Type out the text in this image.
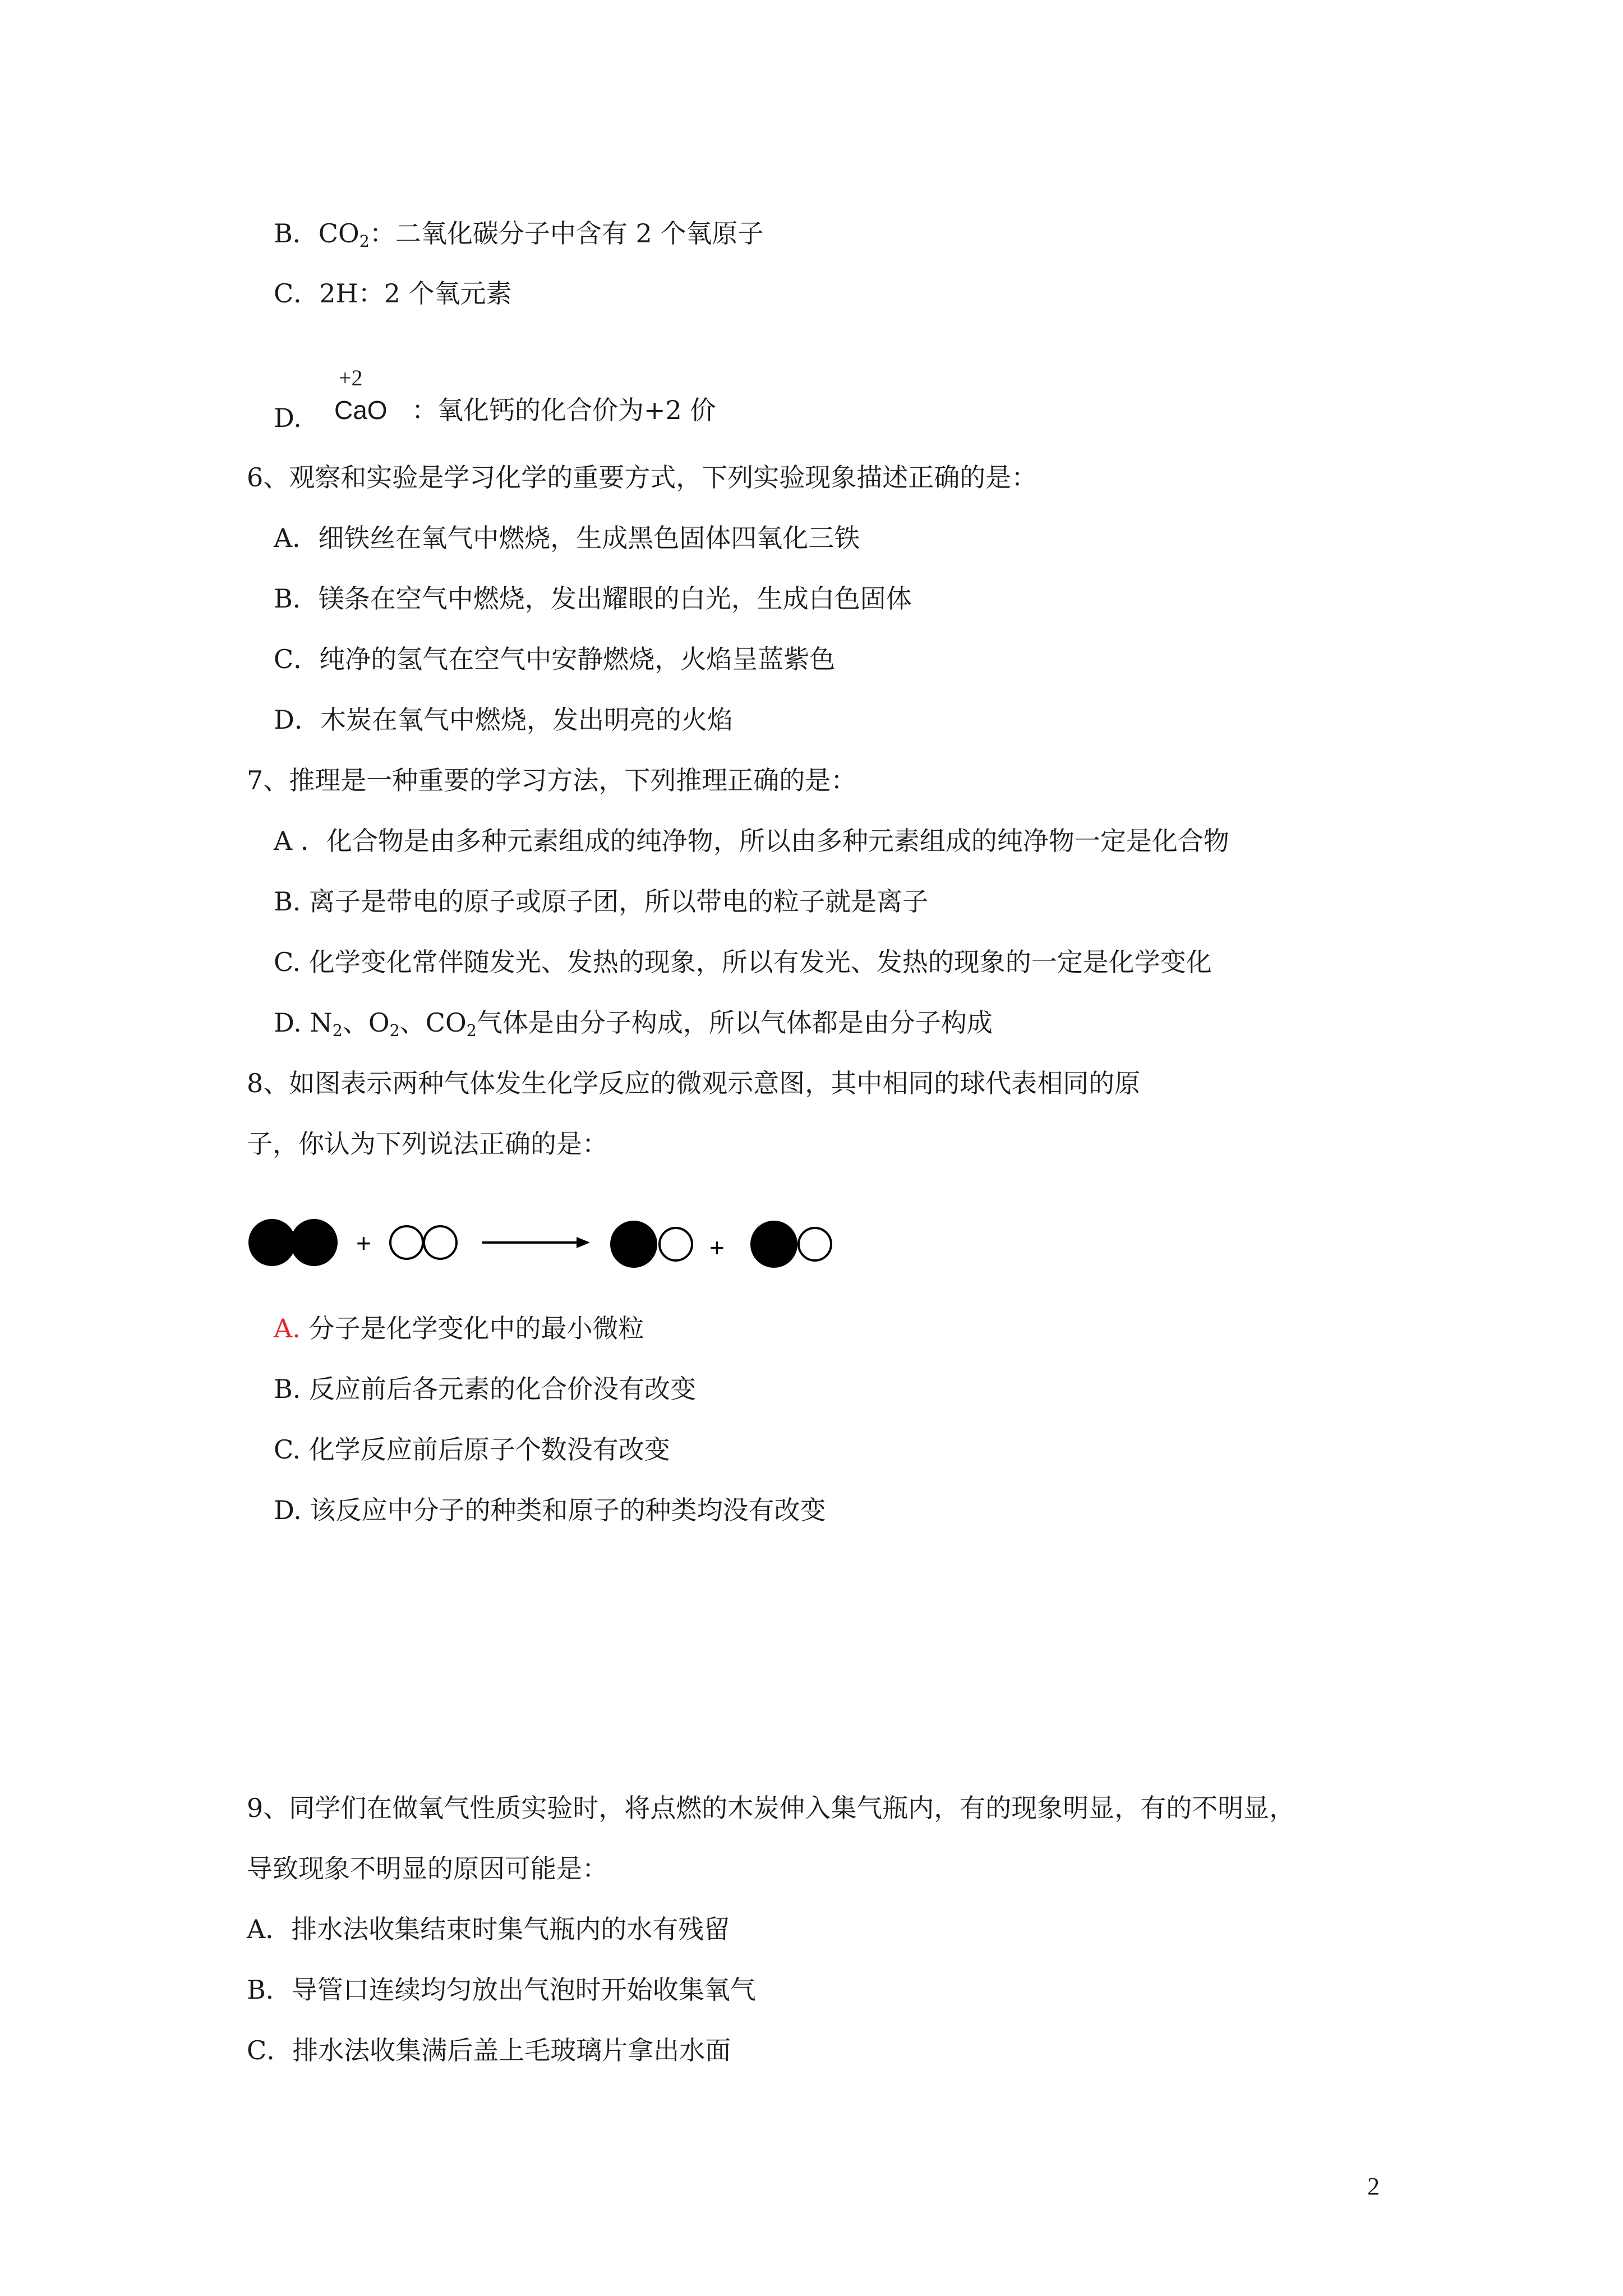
B．$CO_2$：二氧化碳分子中含有 2 个氧原子
C．2H：2 个氧元素
D.
+2
CaO ：氧化钙的化合价为+2 价
6、观察和实验是学习化学的重要方式，下列实验现象描述正确的是：
A．细铁丝在氧气中燃烧，生成黑色固体四氧化三铁
B．镁条在空气中燃烧，发出耀眼的白光，生成白色固体
C．纯净的氢气在空气中安静燃烧，火焰呈蓝紫色
D．木炭在氧气中燃烧，发出明亮的火焰
7、推理是一种重要的学习方法，下列推理正确的是：
A ．化合物是由多种元素组成的纯净物，所以由多种元素组成的纯净物一定是化合物
B. 离子是带电的原子或原子团，所以带电的粒子就是离子
C. 化学变化常伴随发光、发热的现象，所以有发光、发热的现象的一定是化学变化
D. $N_2$、$O_2$、$CO_2$气体是由分子构成，所以气体都是由分子构成
8、如图表示两种气体发生化学反应的微观示意图，其中相同的球代表相同的原
子，你认为下列说法正确的是：
+	+
A. 分子是化学变化中的最小微粒
B. 反应前后各元素的化合价没有改变
C. 化学反应前后原子个数没有改变
D. 该反应中分子的种类和原子的种类均没有改变
9、同学们在做氧气性质实验时，将点燃的木炭伸入集气瓶内，有的现象明显，有的不明显，
导致现象不明显的原因可能是：
A．排水法收集结束时集气瓶内的水有残留
B．导管口连续均匀放出气泡时开始收集氧气
C．排水法收集满后盖上毛玻璃片拿出水面
2
